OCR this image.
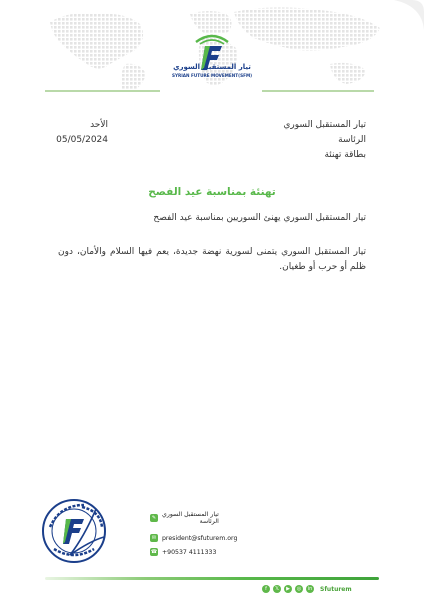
تيار المستقبل السوري
SYRIAN FUTURE MOVEMENT(SFM)
تيار المستقبل السوري
الرئاسة
بطاقة تهنئة
الأحد
05/05/2024
تهنئة بمناسبة عيد الفصح
تيار المستقبل السوري يهنئ السوريين بمناسبة عيد الفصح
تيار المستقبل السوري يتمنى لسورية نهضة جديدة، يعم فيها السلام والأمان، دون ظلم أو حرب أو طغيان.
✎ تيار المستقبل السوري
الرئاسة
✉ president@sfuturem.org
☎ +90537 4111333
f	𝕏	▶	◎	in Sfuturem
